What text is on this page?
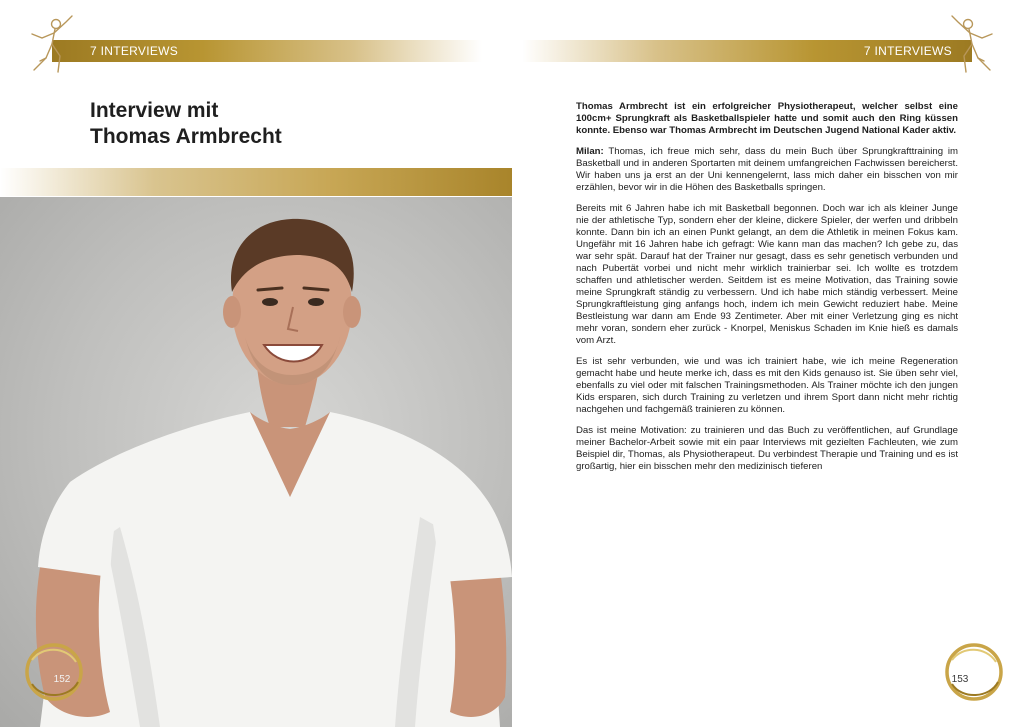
7 INTERVIEWS
Interview mit
Thomas Armbrecht
152
7 INTERVIEWS

Thomas Armbrecht ist ein erfolgreicher Physiotherapeut, welcher selbst eine 100cm+ Sprungkraft als Basketballspieler hatte und somit auch den Ring küssen konnte. Ebenso war Thomas Armbrecht im Deutschen Jugend National Kader aktiv.

Milan: Thomas, ich freue mich sehr, dass du mein Buch über Sprungkrafttraining im Basketball und in anderen Sportarten mit deinem umfangreichen Fachwissen bereicherst. Wir haben uns ja erst an der Uni kennengelernt, lass mich daher ein bisschen von mir erzählen, bevor wir in die Höhen des Basketballs springen.

Bereits mit 6 Jahren habe ich mit Basketball begonnen. Doch war ich als kleiner Junge nie der athletische Typ, sondern eher der kleine, dickere Spieler, der werfen und dribbeln konnte. Dann bin ich an einen Punkt gelangt, an dem die Athletik in meinen Fokus kam. Ungefähr mit 16 Jahren habe ich gefragt: Wie kann man das machen? Ich gebe zu, das war sehr spät. Darauf hat der Trainer nur gesagt, dass es sehr genetisch verbunden und nach Pubertät vorbei und nicht mehr wirklich trainierbar sei. Ich wollte es trotzdem schaffen und athletischer werden. Seitdem ist es meine Motivation, das Training sowie meine Sprungkraft ständig zu verbessern. Und ich habe mich ständig verbessert. Meine Sprungkraftleistung ging anfangs hoch, indem ich mein Gewicht reduziert habe. Meine Bestleistung war dann am Ende 93 Zentimeter. Aber mit einer Verletzung ging es nicht mehr voran, sondern eher zurück - Knorpel, Meniskus Schaden im Knie hieß es damals vom Arzt.

Es ist sehr verbunden, wie und was ich trainiert habe, wie ich meine Regeneration gemacht habe und heute merke ich, dass es mit den Kids genauso ist. Sie üben sehr viel, ebenfalls zu viel oder mit falschen Trainingsmethoden. Als Trainer möchte ich den jungen Kids ersparen, sich durch Training zu verletzen und ihrem Sport dann nicht mehr richtig nachgehen und fachgemäß trainieren zu können.

Das ist meine Motivation: zu trainieren und das Buch zu veröffentlichen, auf Grundlage meiner Bachelor-Arbeit sowie mit ein paar Interviews mit gezielten Fachleuten, wie zum Beispiel dir, Thomas, als Physiotherapeut. Du verbindest Therapie und Training und es ist großartig, hier ein bisschen mehr den medizinisch tieferen

153
